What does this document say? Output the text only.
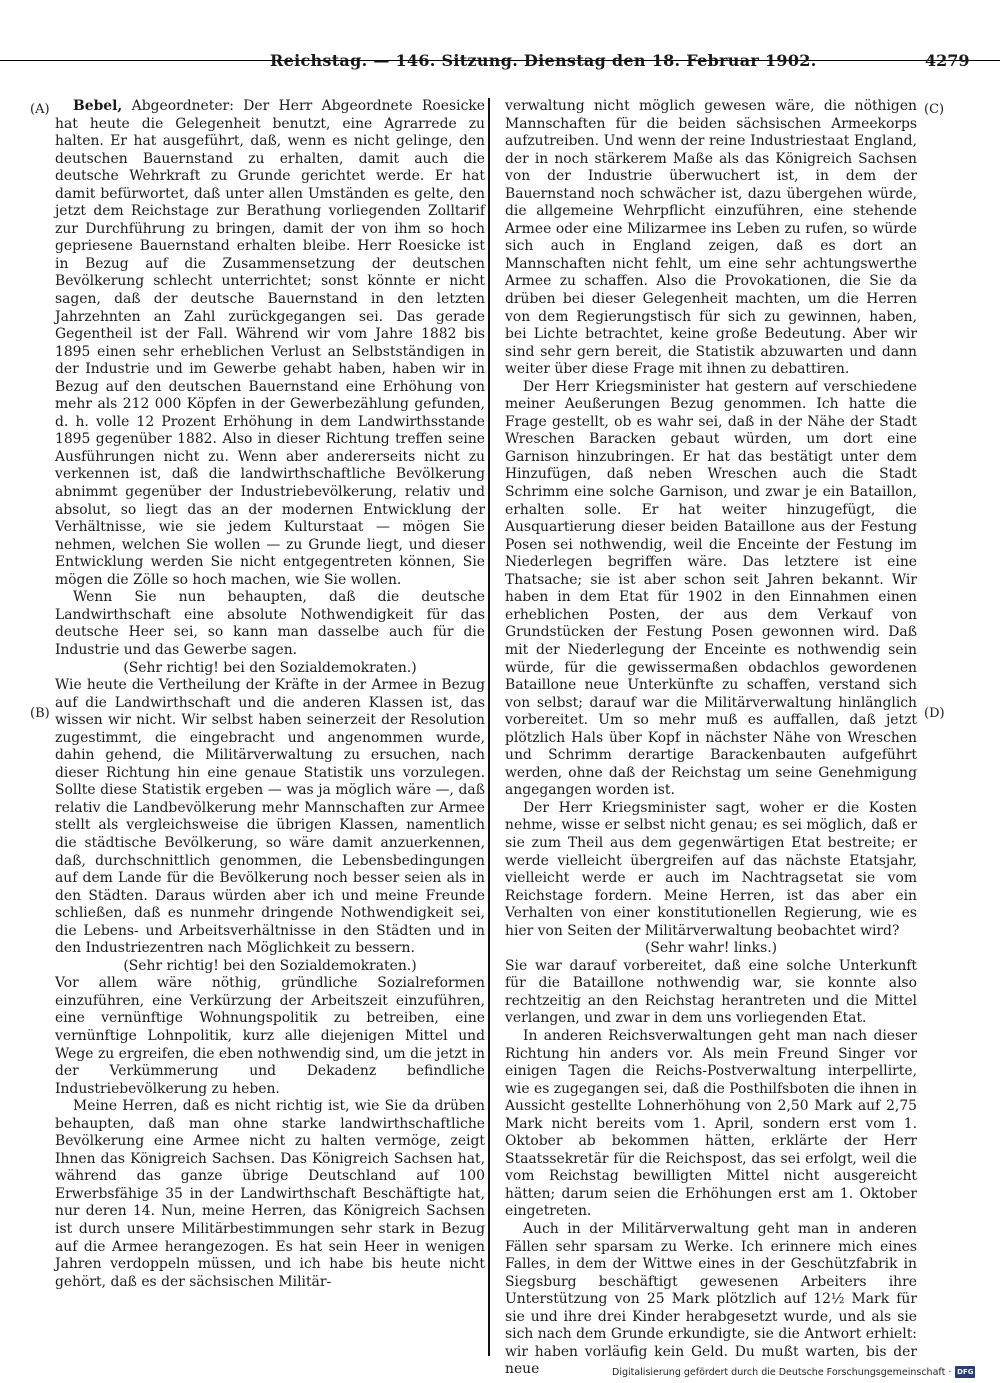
Reichstag. — 146. Sitzung. Dienstag den 18. Februar 1902.	4279
(A)
(B)
(C)
(D)

Bebel, Abgeordneter: Der Herr Abgeordnete Roesicke hat heute die Gelegenheit benutzt, eine Agrarrede zu halten. Er hat ausgeführt, daß, wenn es nicht gelinge, den deutschen Bauernstand zu erhalten, damit auch die deutsche Wehrkraft zu Grunde gerichtet werde. Er hat damit befürwortet, daß unter allen Umständen es gelte, den jetzt dem Reichstage zur Berathung vorliegenden Zolltarif zur Durchführung zu bringen, damit der von ihm so hoch gepriesene Bauernstand erhalten bleibe. Herr Roesicke ist in Bezug auf die Zusammensetzung der deutschen Bevölkerung schlecht unterrichtet; sonst könnte er nicht sagen, daß der deutsche Bauernstand in den letzten Jahrzehnten an Zahl zurückgegangen sei. Das gerade Gegentheil ist der Fall. Während wir vom Jahre 1882 bis 1895 einen sehr erheblichen Verlust an Selbstständigen in der Industrie und im Gewerbe gehabt haben, haben wir in Bezug auf den deutschen Bauernstand eine Erhöhung von mehr als 212 000 Köpfen in der Gewerbezählung gefunden, d. h. volle 12 Prozent Erhöhung in dem Landwirthsstande 1895 gegenüber 1882. Also in dieser Richtung treffen seine Ausführungen nicht zu. Wenn aber andererseits nicht zu verkennen ist, daß die landwirthschaftliche Bevölkerung abnimmt gegenüber der Industriebevölkerung, relativ und absolut, so liegt das an der modernen Entwicklung der Verhältnisse, wie sie jedem Kulturstaat — mögen Sie nehmen, welchen Sie wollen — zu Grunde liegt, und dieser Entwicklung werden Sie nicht entgegentreten können, Sie mögen die Zölle so hoch machen, wie Sie wollen.

Wenn Sie nun behaupten, daß die deutsche Landwirthschaft eine absolute Nothwendigkeit für das deutsche Heer sei, so kann man dasselbe auch für die Industrie und das Gewerbe sagen.

(Sehr richtig! bei den Sozialdemokraten.)

Wie heute die Vertheilung der Kräfte in der Armee in Bezug auf die Landwirthschaft und die anderen Klassen ist, das wissen wir nicht. Wir selbst haben seinerzeit der Resolution zugestimmt, die eingebracht und angenommen wurde, dahin gehend, die Militärverwaltung zu ersuchen, nach dieser Richtung hin eine genaue Statistik uns vorzulegen. Sollte diese Statistik ergeben — was ja möglich wäre —, daß relativ die Landbevölkerung mehr Mannschaften zur Armee stellt als vergleichsweise die übrigen Klassen, namentlich die städtische Bevölkerung, so wäre damit anzuerkennen, daß, durchschnittlich genommen, die Lebensbedingungen auf dem Lande für die Bevölkerung noch besser seien als in den Städten. Daraus würden aber ich und meine Freunde schließen, daß es nunmehr dringende Nothwendigkeit sei, die Lebens- und Arbeitsverhältnisse in den Städten und in den Industriezentren nach Möglichkeit zu bessern.

(Sehr richtig! bei den Sozialdemokraten.)

Vor allem wäre nöthig, gründliche Sozialreformen einzuführen, eine Verkürzung der Arbeitszeit einzuführen, eine vernünftige Wohnungspolitik zu betreiben, eine vernünftige Lohnpolitik, kurz alle diejenigen Mittel und Wege zu ergreifen, die eben nothwendig sind, um die jetzt in der Verkümmerung und Dekadenz befindliche Industriebevölkerung zu heben.

Meine Herren, daß es nicht richtig ist, wie Sie da drüben behaupten, daß man ohne starke landwirthschaftliche Bevölkerung eine Armee nicht zu halten vermöge, zeigt Ihnen das Königreich Sachsen. Das Königreich Sachsen hat, während das ganze übrige Deutschland auf 100 Erwerbsfähige 35 in der Landwirthschaft Beschäftigte hat, nur deren 14. Nun, meine Herren, das Königreich Sachsen ist durch unsere Militärbestimmungen sehr stark in Bezug auf die Armee herangezogen. Es hat sein Heer in wenigen Jahren verdoppeln müssen, und ich habe bis heute nicht gehört, daß es der sächsischen Militär-

verwaltung nicht möglich gewesen wäre, die nöthigen Mannschaften für die beiden sächsischen Armeekorps aufzutreiben. Und wenn der reine Industriestaat England, der in noch stärkerem Maße als das Königreich Sachsen von der Industrie überwuchert ist, in dem der Bauernstand noch schwächer ist, dazu übergehen würde, die allgemeine Wehrpflicht einzuführen, eine stehende Armee oder eine Milizarmee ins Leben zu rufen, so würde sich auch in England zeigen, daß es dort an Mannschaften nicht fehlt, um eine sehr achtungswerthe Armee zu schaffen. Also die Provokationen, die Sie da drüben bei dieser Gelegenheit machten, um die Herren von dem Regierungstisch für sich zu gewinnen, haben, bei Lichte betrachtet, keine große Bedeutung. Aber wir sind sehr gern bereit, die Statistik abzuwarten und dann weiter über diese Frage mit ihnen zu debattiren.

Der Herr Kriegsminister hat gestern auf verschiedene meiner Aeußerungen Bezug genommen. Ich hatte die Frage gestellt, ob es wahr sei, daß in der Nähe der Stadt Wreschen Baracken gebaut würden, um dort eine Garnison hinzubringen. Er hat das bestätigt unter dem Hinzufügen, daß neben Wreschen auch die Stadt Schrimm eine solche Garnison, und zwar je ein Bataillon, erhalten solle. Er hat weiter hinzugefügt, die Ausquartierung dieser beiden Bataillone aus der Festung Posen sei nothwendig, weil die Enceinte der Festung im Niederlegen begriffen wäre. Das letztere ist eine Thatsache; sie ist aber schon seit Jahren bekannt. Wir haben in dem Etat für 1902 in den Einnahmen einen erheblichen Posten, der aus dem Verkauf von Grundstücken der Festung Posen gewonnen wird. Daß mit der Niederlegung der Enceinte es nothwendig sein würde, für die gewissermaßen obdachlos gewordenen Bataillone neue Unterkünfte zu schaffen, verstand sich von selbst; darauf war die Militärverwaltung hinlänglich vorbereitet. Um so mehr muß es auffallen, daß jetzt plötzlich Hals über Kopf in nächster Nähe von Wreschen und Schrimm derartige Barackenbauten aufgeführt werden, ohne daß der Reichstag um seine Genehmigung angegangen worden ist.

Der Herr Kriegsminister sagt, woher er die Kosten nehme, wisse er selbst nicht genau; es sei möglich, daß er sie zum Theil aus dem gegenwärtigen Etat bestreite; er werde vielleicht übergreifen auf das nächste Etatsjahr, vielleicht werde er auch im Nachtragsetat sie vom Reichstage fordern. Meine Herren, ist das aber ein Verhalten von einer konstitutionellen Regierung, wie es hier von Seiten der Militärverwaltung beobachtet wird?

(Sehr wahr! links.)

Sie war darauf vorbereitet, daß eine solche Unterkunft für die Bataillone nothwendig war, sie konnte also rechtzeitig an den Reichstag herantreten und die Mittel verlangen, und zwar in dem uns vorliegenden Etat.

In anderen Reichsverwaltungen geht man nach dieser Richtung hin anders vor. Als mein Freund Singer vor einigen Tagen die Reichs-Postverwaltung interpellirte, wie es zugegangen sei, daß die Posthilfsboten die ihnen in Aussicht gestellte Lohnerhöhung von 2,50 Mark auf 2,75 Mark nicht bereits vom 1. April, sondern erst vom 1. Oktober ab bekommen hätten, erklärte der Herr Staatssekretär für die Reichspost, das sei erfolgt, weil die vom Reichstag bewilligten Mittel nicht ausgereicht hätten; darum seien die Erhöhungen erst am 1. Oktober eingetreten.

Auch in der Militärverwaltung geht man in anderen Fällen sehr sparsam zu Werke. Ich erinnere mich eines Falles, in dem der Wittwe eines in der Geschützfabrik in Siegsburg beschäftigt gewesenen Arbeiters ihre Unterstützung von 25 Mark plötzlich auf 12½ Mark für sie und ihre drei Kinder herabgesetzt wurde, und als sie sich nach dem Grunde erkundigte, sie die Antwort erhielt: wir haben vorläufig kein Geld. Du mußt warten, bis der neue	Digitalisierung gefördert durch die Deutsche Forschungsgemeinschaft · DFG
